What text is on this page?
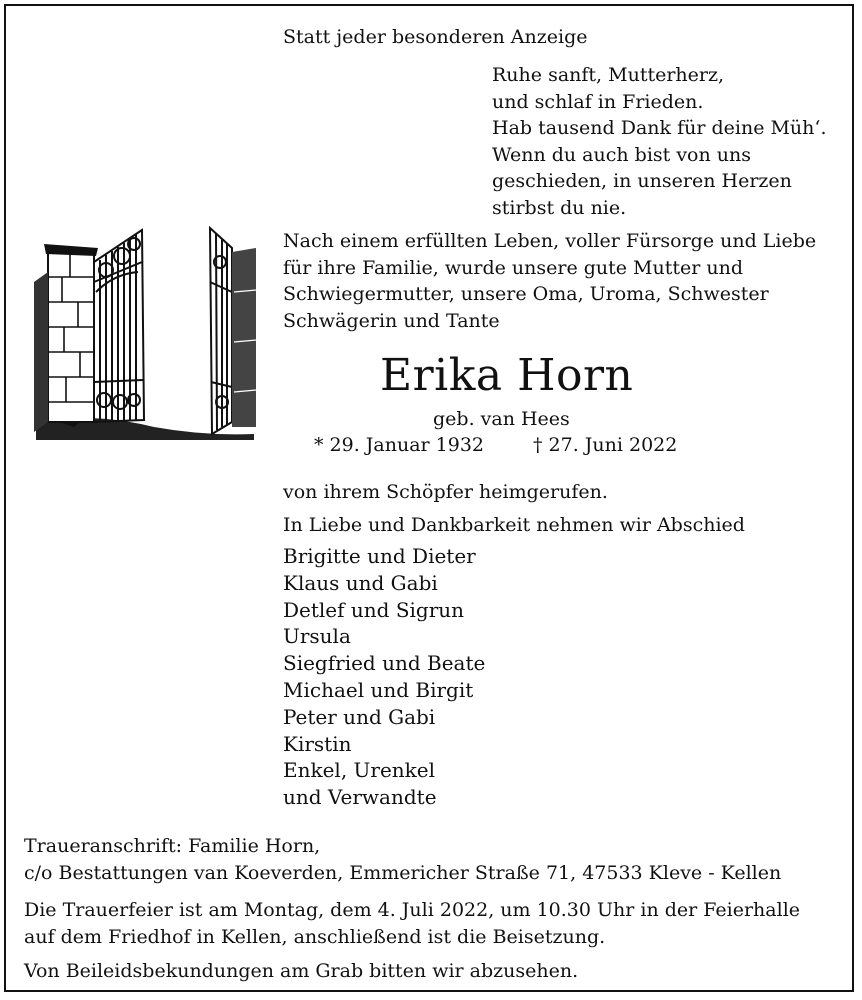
Statt jeder besonderen Anzeige
Ruhe sanft, Mutterherz,
und schlaf in Frieden.
Hab tausend Dank für deine Müh‘.
Wenn du auch bist von uns
geschieden, in unseren Herzen
stirbst du nie.
Nach einem erfüllten Leben, voller Fürsorge und Liebe
für ihre Familie, wurde unsere gute Mutter und
Schwiegermutter, unsere Oma, Uroma, Schwester
Schwägerin und Tante
Erika Horn
geb. van Hees
* 29. Januar 1932	† 27. Juni 2022
von ihrem Schöpfer heimgerufen.
In Liebe und Dankbarkeit nehmen wir Abschied
Brigitte und Dieter
Klaus und Gabi
Detlef und Sigrun
Ursula
Siegfried und Beate
Michael und Birgit
Peter und Gabi
Kirstin
Enkel, Urenkel
und Verwandte
Traueranschrift: Familie Horn,
c/o Bestattungen van Koeverden, Emmericher Straße 71, 47533 Kleve - Kellen
Die Trauerfeier ist am Montag, dem 4. Juli 2022, um 10.30 Uhr in der Feierhalle
auf dem Friedhof in Kellen, anschließend ist die Beisetzung.
Von Beileidsbekundungen am Grab bitten wir abzusehen.
